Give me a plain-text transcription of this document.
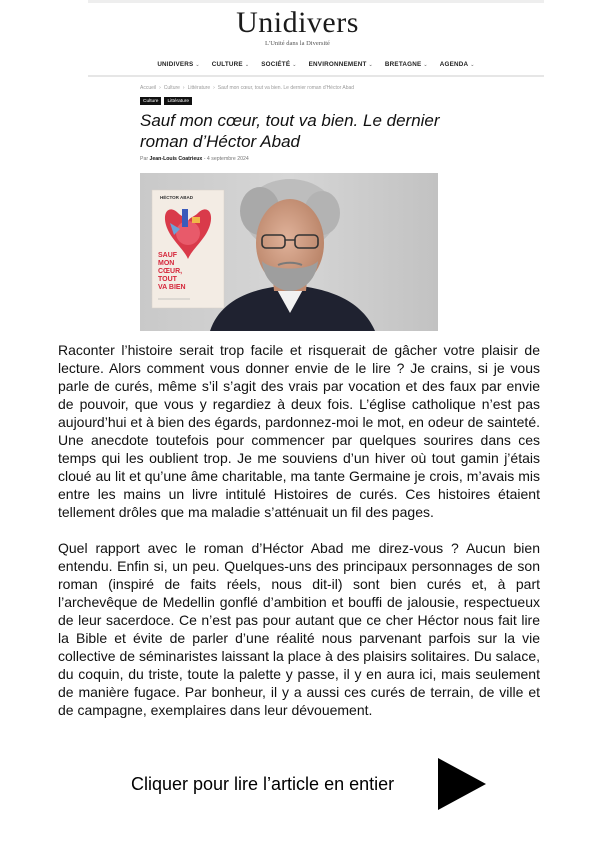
Unidivers
L'Unité dans la Diversité
UNIDIVERS ⌄ CULTURE ⌄ SOCIÉTÉ ⌄ ENVIRONNEMENT ⌄ BRETAGNE ⌄ AGENDA ⌄
Accueil › Culture › Littérature › Sauf mon cœur, tout va bien. Le dernier roman d'Héctor Abad
Culture	Littérature
Sauf mon cœur, tout va bien. Le dernier roman d’Héctor Abad
Par Jean-Louis Coatrieux - 4 septembre 2024
HÉCTOR ABAD
SAUF
MON
CŒUR,
TOUT
VA BIEN

Raconter l’histoire serait trop facile et risquerait de gâcher votre plaisir de lecture. Alors comment vous donner envie de le lire ? Je crains, si je vous parle de curés, même s’il s’agit des vrais par vocation et des faux par envie de pouvoir, que vous y regardiez à deux fois. L’église catholique n’est pas aujourd’hui et à bien des égards, pardonnez-moi le mot, en odeur de sainteté. Une anecdote toutefois pour commencer par quelques sourires dans ces temps qui les oublient trop. Je me souviens d’un hiver où tout gamin j’étais cloué au lit et qu’une âme charitable, ma tante Germaine je crois, m’avais mis entre les mains un livre intitulé Histoires de curés. Ces histoires étaient tellement drôles que ma maladie s’atténuait un fil des pages.

Quel rapport avec le roman d’Héctor Abad me direz-vous ? Aucun bien entendu. Enfin si, un peu. Quelques-uns des principaux personnages de son roman (inspiré de faits réels, nous dit-il) sont bien curés et, à part l’archevêque de Medellin gonflé d’ambition et bouffi de jalousie, respectueux de leur sacerdoce. Ce n’est pas pour autant que ce cher Héctor nous fait lire la Bible et évite de parler d’une réalité nous parvenant parfois sur la vie collective de séminaristes laissant la place à des plaisirs solitaires. Du salace, du coquin, du triste, toute la palette y passe, il y en aura ici, mais seulement de manière fugace. Par bonheur, il y a aussi ces curés de terrain, de ville et de campagne, exemplaires dans leur dévouement.

Cliquer pour lire l’article en entier
